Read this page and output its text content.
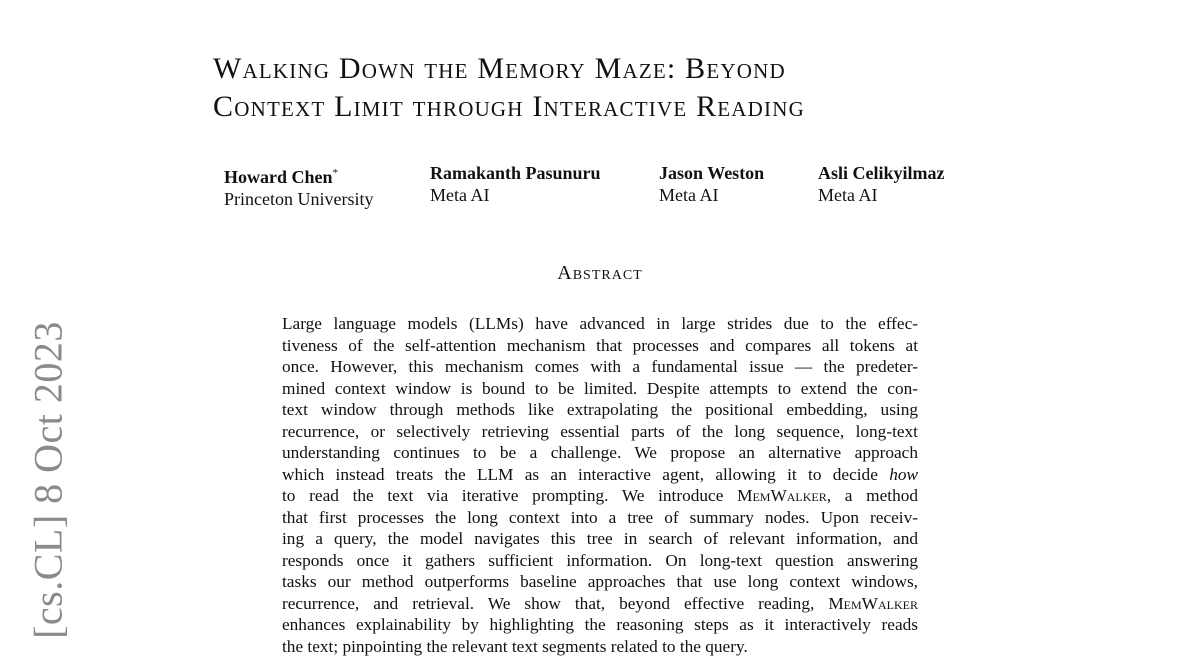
[cs.CL] 8 Oct 2023
Walking Down the Memory Maze: Beyond
Context Limit through Interactive Reading
Howard Chen*
Princeton University
Ramakanth Pasunuru
Meta AI
Jason Weston
Meta AI
Asli Celikyilmaz
Meta AI
Abstract
Large language models (LLMs) have advanced in large strides due to the effec-
tiveness of the self-attention mechanism that processes and compares all tokens at
once. However, this mechanism comes with a fundamental issue — the predeter-
mined context window is bound to be limited. Despite attempts to extend the con-
text window through methods like extrapolating the positional embedding, using
recurrence, or selectively retrieving essential parts of the long sequence, long-text
understanding continues to be a challenge. We propose an alternative approach
which instead treats the LLM as an interactive agent, allowing it to decide how
to read the text via iterative prompting. We introduce MemWalker, a method
that first processes the long context into a tree of summary nodes. Upon receiv-
ing a query, the model navigates this tree in search of relevant information, and
responds once it gathers sufficient information. On long-text question answering
tasks our method outperforms baseline approaches that use long context windows,
recurrence, and retrieval. We show that, beyond effective reading, MemWalker
enhances explainability by highlighting the reasoning steps as it interactively reads
the text; pinpointing the relevant text segments related to the query.
